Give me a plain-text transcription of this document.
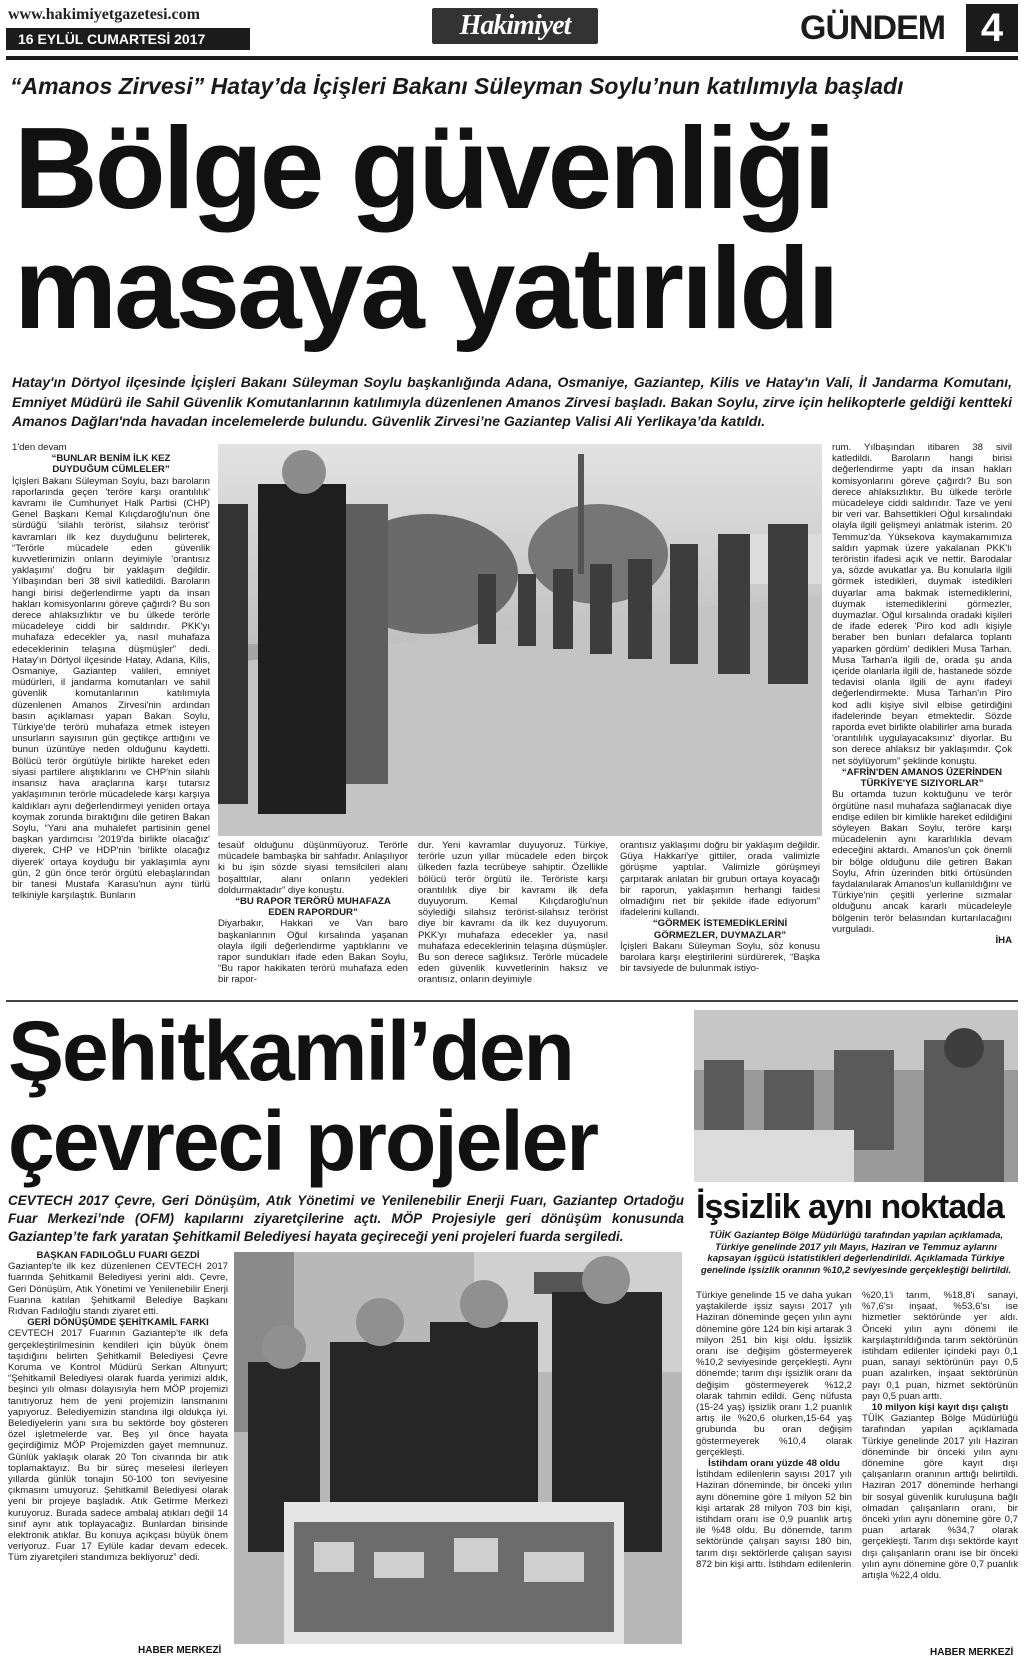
www.hakimiyetgazetesi.com
16 EYLÜL CUMARTESİ 2017	Hakimiyet	GÜNDEM 4
“Amanos Zirvesi” Hatay’da İçişleri Bakanı Süleyman Soylu’nun katılımıyla başladı
Bölge güvenliği
masaya yatırıldı
Hatay'ın Dörtyol ilçesinde İçişleri Bakanı Süleyman Soylu başkanlığında Adana, Osmaniye, Gaziantep, Kilis ve Hatay'ın Vali, İl Jandarma Komutanı, Emniyet Müdürü ile Sahil Güvenlik Komutanlarının katılımıyla düzenlenen Amanos Zirvesi başladı. Bakan Soylu, zirve için helikopterle geldiği kentteki Amanos Dağları'nda havadan incelemelerde bulundu. Güvenlik Zirvesi’ne Gaziantep Valisi Ali Yerlikaya’da katıldı.

1'den devam

“BUNLAR BENİM İLK KEZ DUYDUĞUM CÜMLELER”

İçişleri Bakanı Süleyman Soylu, bazı baroların raporlarında geçen 'teröre karşı orantılılık' kavramı ile Cumhuriyet Halk Partisi (CHP) Genel Başkanı Kemal Kılıçdaroğlu'nun öne sürdüğü 'silahlı terörist, silahsız terörist' kavramları ilk kez duyduğunu belirterek, “Terörle mücadele eden güvenlik kuvvetlerimizin onların deyimiyle 'orantısız yaklaşımı' doğru bir yaklaşım değildir. Yılbaşından beri 38 sivil katledildi. Baroların hangi birisi değerlendirme yaptı da insan hakları komisyonlarını göreve çağırdı? Bu son derece ahlaksızlıktır ve bu ülkede terörle mücadeleye ciddi bir saldırıdır. PKK'yı muhafaza edecekler ya, nasıl muhafaza edeceklerinin telaşına düşmüşler” dedi. Hatay'ın Dörtyol ilçesinde Hatay, Adana, Kilis, Osmaniye, Gaziantep valileri, emniyet müdürleri, il jandarma komutanları ve sahil güvenlik komutanlarının katılımıyla düzenlenen Amanos Zirvesi'nin ardından basın açıklaması yapan Bakan Soylu, Türkiye'de terörü muhafaza etmek isteyen unsurların sayısının gün geçtikçe arttığını ve bunun üzüntüye neden olduğunu kaydetti. Bölücü terör örgütüyle birlikte hareket eden siyasi partilere alıştıklarını ve CHP'nin silahlı insansız hava araçlarına karşı tutarsız yaklaşımının terörle mücadelede karşı karşıya kaldıkları aynı değerlendirmeyi yeniden ortaya koymak zorunda bıraktığını dile getiren Bakan Soylu, “Yani ana muhalefet partisinin genel başkan yardımcısı '2019'da birlikte olacağız' diyerek, CHP ve HDP'nin 'birlikte olacağız diyerek' ortaya koyduğu bir yaklaşımla aynı gün, 2 gün önce terör örgütü elebaşlarından bir tanesi Mustafa Karasu'nun aynı türlü telkiniyle karşılaştık. Bunların

tesaüf olduğunu düşünmüyoruz. Terörle mücadele bambaşka bir sahfadır. Anlaşılıyor ki bu işin sözde siyasi temsilcileri alanı boşalttılar, alanı onların yedekleri doldurmaktadır” diye konuştu.

“BU RAPOR TERÖRÜ MUHAFAZA EDEN RAPORDUR”

Diyarbakır, Hakkari ve Van baro başkanlarının Oğul kırsalında yaşanan olayla ilgili değerlendirme yaptıklarını ve rapor sundukları ifade eden Bakan Soylu, “Bu rapor hakikaten terörü muhafaza eden bir rapor-

dur. Yeni kavramlar duyuyoruz. Türkiye, terörle uzun yıllar mücadele eden birçok ülkeden fazla tecrübeye sahiptir. Özellikle bölücü terör örgütü ile. Teröriste karşı orantılılık diye bir kavramı ilk defa duyuyorum. Kemal Kılıçdaroğlu'nun söylediği silahsız terörist-silahsız terörist diye bir kavramı da ilk kez duyuyorum. PKK'yı muhafaza edecekler ya, nasıl muhafaza edeceklerinin telaşına düşmüşler. Bu son derece sağlıksız. Terörle mücadele eden güvenlik kuvvetlerinin haksız ve orantısız, onların deyimiyle

orantısız yaklaşımı doğru bir yaklaşım değildir. Güya Hakkari'ye gittiler, orada valimizle görüşme yaptılar. Valimizle görüşmeyi çarpıtarak anlatan bir grubun ortaya koyacağı bir raporun, yaklaşımın herhangi faidesi olmadığını net bir şekilde ifade ediyorum” ifadelerini kullandı.

“GÖRMEK İSTEMEDİKLERİNİ GÖRMEZLER, DUYMAZLAR”

İçişleri Bakanı Süleyman Soylu, söz konusu barolara karşı eleştirilerini sürdürerek, “Başka bir tavsiyede de bulunmak istiyo-

rum. Yılbaşından itibaren 38 sivil katledildi. Baroların hangi birisi değerlendirme yaptı da insan hakları komisyonlarını göreve çağırdı? Bu son derece ahlaksızlıktır. Bu ülkede terörle mücadeleye ciddi saldırıdır. Taze ve yeni bir veri var. Bahsettikleri Oğul kırsalındaki olayla ilgili gelişmeyi anlatmak isterim. 20 Temmuz'da Yüksekova kaymakamımıza saldırı yapmak üzere yakalanan PKK'lı teröristin ifadesi açık ve nettir. Barodalar ya, sözde avukatlar ya. Bu konularla ilgili görmek istedikleri, duymak istedikleri duyarlar ama bakmak istemediklerini, duymak istemediklerini görmezler, duymazlar. Oğul kırsalında oradaki kişileri de ifade ederek 'Piro kod adlı kişiyle beraber ben bunları defalarca toplantı yaparken gördüm' dedikleri Musa Tarhan. Musa Tarhan'a ilgili de, orada şu anda içeride olanlarla ilgili de, hastanede sözde tedavisi olanla ilgili de aynı ifadeyi değerlendirmekte. Musa Tarhan'ın Piro kod adlı kişiye sivil elbise getirdiğini ifadelerinde beyan etmektedir. Sözde raporda evet birlikte olabilirler ama burada 'orantılılık uygulayacaksınız' diyorlar. Bu son derece ahlaksız bir yaklaşımdır. Çok net söylüyorum” şeklinde konuştu.

“AFRİN'DEN AMANOS ÜZERİNDEN TÜRKİYE'YE SIZIYORLAR”

Bu ortamda tuzun koktuğunu ve terör örgütüne nasıl muhafaza sağlanacak diye endişe edilen bir kimlikle hareket edildiğini söyleyen Bakan Soylu, teröre karşı mücadelenin aynı kararlılıkla devam edeceğini aktardı. Amanos'un çok önemli bir bölge olduğunu dile getiren Bakan Soylu, Afrin üzerinden bitki örtüsünden faydalanılarak Amanos'un kullanıldığını ve Türkiye'nin çeşitli yerlerine sızmalar olduğunu ancak kararlı mücadeleyle bölgenin terör belasından kurtarılacağını vurguladı.

İHA

Şehitkamil’den
çevreci projeler
CEVTECH 2017 Çevre, Geri Dönüşüm, Atık Yönetimi ve Yenilenebilir Enerji Fuarı, Gaziantep Ortadoğu Fuar Merkezi’nde (OFM) kapılarını ziyaretçilerine açtı. MÖP Projesiyle geri dönüşüm konusunda Gaziantep’te fark yaratan Şehitkamil Belediyesi hayata geçireceği yeni projeleri fuarda sergiledi.

BAŞKAN FADILOĞLU FUARI GEZDİ

Gaziantep'te ilk kez düzenlenen CEVTECH 2017 fuarında Şehitkamil Belediyesi yerini aldı. Çevre, Geri Dönüşüm, Atık Yönetimi ve Yenilenebilir Enerji Fuarına katılan Şehitkamil Belediye Başkanı Rıdvan Fadıloğlu standı ziyaret etti.

GERİ DÖNÜŞÜMDE ŞEHİTKAMİL FARKI

CEVTECH 2017 Fuarının Gaziantep'te ilk defa gerçekleştirilmesinin kendileri için büyük önem taşıdığını belirten Şehitkamil Belediyesi Çevre Koruma ve Kontrol Müdürü Serkan Altınyurt; “Şehitkamil Belediyesi olarak fuarda yerimizi aldık, beşinci yılı olması dolayısıyla hem MÖP projemizi tanıtıyoruz hem de yeni projemizin lansmanını yapıyoruz. Belediyemizin standına ilgi oldukça iyi. Belediyelerin yanı sıra bu sektörde boy gösteren özel işletmelerde var. Beş yıl önce hayata geçirdiğimiz MÖP Projemizden gayet memnunuz. Günlük yaklaşık olarak 20 Ton civarında bir atık toplamaktayız. Bu bir süreç meselesi ilerleyen yıllarda günlük tonajın 50-100 ton seviyesine çıkmasını umuyoruz. Şehitkamil Belediyesi olarak yeni bir projeye başladık. Atık Getirme Merkezi kuruyoruz. Burada sadece ambalaj atıkları değil 14 sınıf aynı atık toplayacağız. Bunlardan birisinde elektronik atıklar. Bu konuya açıkçası büyük önem veriyoruz. Fuar 17 Eylüle kadar devam edecek. Tüm ziyaretçileri standımıza bekliyoruz” dedi.

HABER MERKEZİ
İşsizlik aynı noktada
TÜİK Gaziantep Bölge Müdürlüğü tarafından yapılan açıklamada, Türkiye genelinde 2017 yılı Mayıs, Haziran ve Temmuz aylarını kapsayan işgücü istatistikleri değerlendirildi. Açıklamada Türkiye genelinde işsizlik oranının %10,2 seviyesinde gerçekleştiği belirtildi.

Türkiye genelinde 15 ve daha yukarı yaştakilerde işsiz sayısı 2017 yılı Haziran döneminde geçen yılın aynı dönemine göre 124 bin kişi artarak 3 milyon 251 bin kişi oldu. İşsizlik oranı ise değişim göstermeyerek %10,2 seviyesinde gerçekleşti. Aynı dönemde; tarım dışı işsizlik oranı da değişim göstermeyerek %12,2 olarak tahmin edildi. Genç nüfusta (15-24 yaş) işsizlik oranı 1,2 puanlık artış ile %20,6 olurken,15-64 yaş grubunda bu oran değişim göstermeyerek %10,4 olarak gerçekleşti.

İstihdam oranı yüzde 48 oldu

İstihdam edilenlerin sayısı 2017 yılı Haziran döneminde, bir önceki yılın aynı dönemine göre 1 milyon 52 bin kişi artarak 28 milyon 703 bin kişi, istihdam oranı ise 0,9 puanlık artış ile %48 oldu. Bu dönemde, tarım sektöründe çalışan sayısı 180 bin, tarım dışı sektörlerde çalışan sayısı 872 bin kişi arttı. İstihdam edilenlerin

%20,1'i tarım, %18,8'i sanayi, %7,6'sı inşaat, %53,6'sı ise hizmetler sektöründe yer aldı. Önceki yılın aynı dönemi ile karşılaştırıldığında tarım sektörünün istihdam edilenler içindeki payı 0,1 puan, sanayi sektörünün payı 0,5 puan azalırken, inşaat sektörünün payı 0,1 puan, hizmet sektörünün payı 0,5 puan arttı.

10 milyon kişi kayıt dışı çalıştı

TÜİK Gaziantep Bölge Müdürlüğü tarafından yapılan açıklamada Türkiye genelinde 2017 yılı Haziran döneminde bir önceki yılın aynı dönemine göre kayıt dışı çalışanların oranının arttığı belirtildi. Haziran 2017 döneminde herhangi bir sosyal güvenlik kuruluşuna bağlı olmadan çalışanların oranı, bir önceki yılın aynı dönemine göre 0,7 puan artarak %34,7 olarak gerçekleşti. Tarım dışı sektörde kayıt dışı çalışanların oranı ise bir önceki yılın aynı dönemine göre 0,7 puanlık artışla %22,4 oldu.

HABER MERKEZİ
